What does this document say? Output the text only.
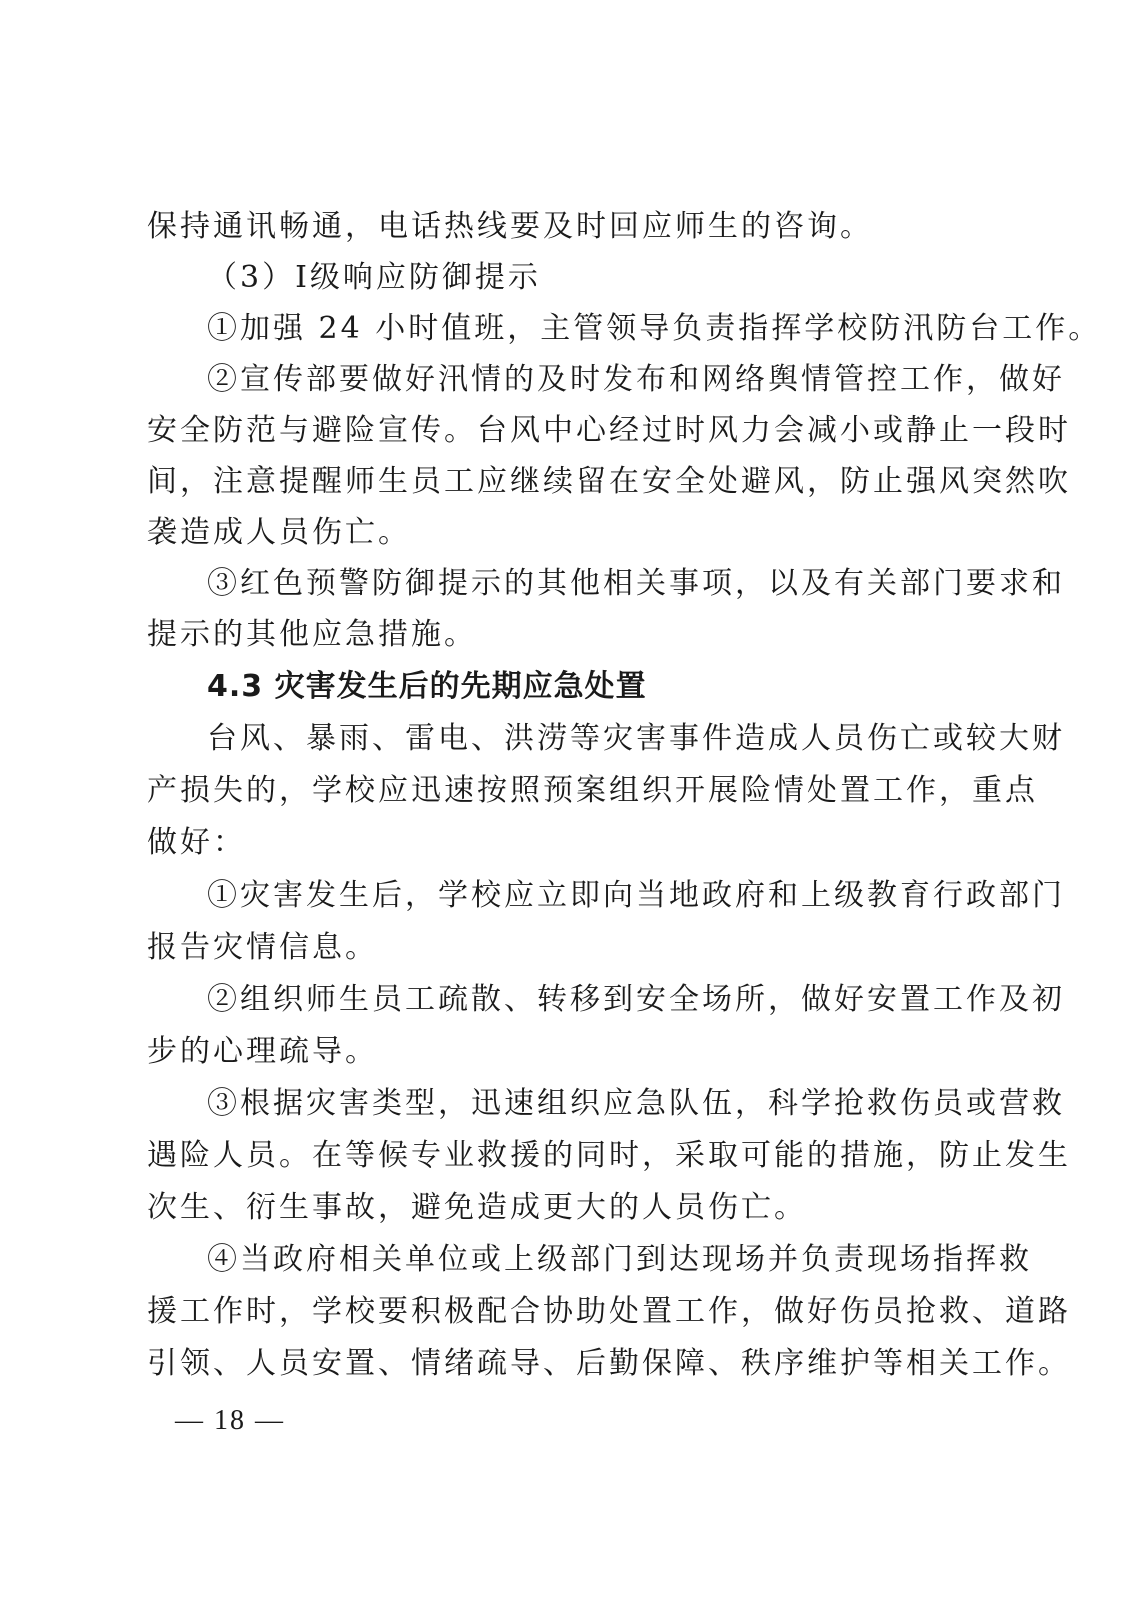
保持通讯畅通，电话热线要及时回应师生的咨询。
（3）Ⅰ级响应防御提示
①加强 24 小时值班，主管领导负责指挥学校防汛防台工作。
②宣传部要做好汛情的及时发布和网络舆情管控工作，做好
安全防范与避险宣传。台风中心经过时风力会减小或静止一段时
间，注意提醒师生员工应继续留在安全处避风，防止强风突然吹
袭造成人员伤亡。
③红色预警防御提示的其他相关事项，以及有关部门要求和
提示的其他应急措施。
4.3 灾害发生后的先期应急处置
台风、暴雨、雷电、洪涝等灾害事件造成人员伤亡或较大财
产损失的，学校应迅速按照预案组织开展险情处置工作，重点
做好：
①灾害发生后，学校应立即向当地政府和上级教育行政部门
报告灾情信息。
②组织师生员工疏散、转移到安全场所，做好安置工作及初
步的心理疏导。
③根据灾害类型，迅速组织应急队伍，科学抢救伤员或营救
遇险人员。在等候专业救援的同时，采取可能的措施，防止发生
次生、衍生事故，避免造成更大的人员伤亡。
④当政府相关单位或上级部门到达现场并负责现场指挥救
援工作时，学校要积极配合协助处置工作，做好伤员抢救、道路
引领、人员安置、情绪疏导、后勤保障、秩序维护等相关工作。
— 18 —
